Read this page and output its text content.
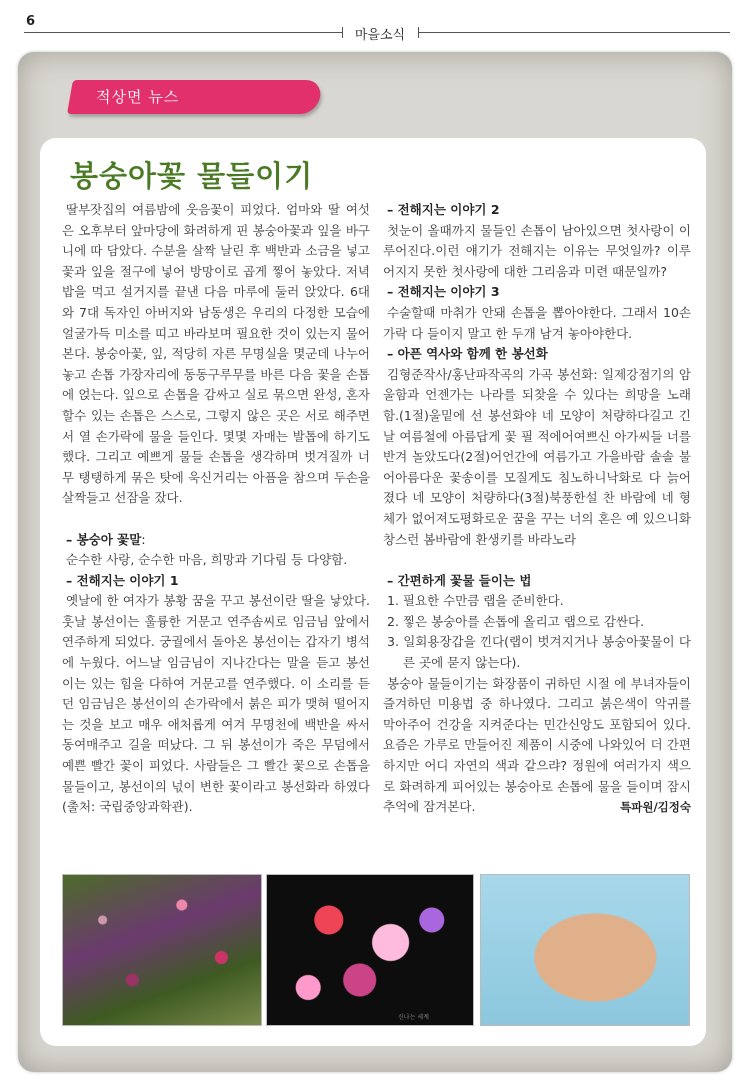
6
마을소식
적상면 뉴스
봉숭아꽃 물들이기

딸부잣집의 여름밤에 웃음꽃이 피었다. 엄마와 딸 여섯은 오후부터 앞마당에 화려하게 핀 봉숭아꽃과 잎을 바구니에 따 담았다. 수분을 살짝 날린 후 백반과 소금을 넣고 꽃과 잎을 절구에 넣어 방망이로 곱게 찧어 놓았다. 저녁밥을 먹고 설거지를 끝낸 다음 마루에 둘러 앉았다. 6대와 7대 독자인 아버지와 남동생은 우리의 다정한 모습에 얼굴가득 미소를 띠고 바라보며 필요한 것이 있는지 물어본다. 봉숭아꽃, 잎, 적당히 자른 무명실을 몇군데 나누어놓고 손톱 가장자리에 동동구루무를 바른 다음 꽃을 손톱에 얹는다. 잎으로 손톱을 감싸고 실로 묶으면 완성, 혼자할수 있는 손톱은 스스로, 그렇지 않은 곳은 서로 해주면서 열 손가락에 물을 들인다. 몇몇 자매는 발톱에 하기도 했다. 그리고 예쁘게 물들 손톱을 생각하며 벗겨질까 너무 탱탱하게 묶은 탓에 욱신거리는 아픔을 참으며 두손을 살짝들고 선잠을 잤다.

– 봉숭아 꽃말:

순수한 사랑, 순수한 마음, 희망과 기다림 등 다양함.

– 전해지는 이야기 1

옛날에 한 여자가 봉황 꿈을 꾸고 봉선이란 딸을 낳았다. 훗날 봉선이는 훌륭한 거문고 연주솜씨로 임금님 앞에서 연주하게 되었다. 궁궐에서 돌아온 봉선이는 갑자기 병석에 누웠다. 어느날 임금님이 지나간다는 말을 듣고 봉선이는 있는 힘을 다하여 거문고를 연주했다. 이 소리를 듣던 임금님은 봉선이의 손가락에서 붉은 피가 맺혀 떨어지는 것을 보고 매우 애처롭게 여겨 무명천에 백반을 싸서 동여매주고 길을 떠났다. 그 뒤 봉선이가 죽은 무덤에서 예쁜 빨간 꽃이 피었다. 사람들은 그 빨간 꽃으로 손톱을 물들이고, 봉선이의 넋이 변한 꽃이라고 봉선화라 하였다(출처: 국립중앙과학관).

– 전해지는 이야기 2

첫눈이 올때까지 물들인 손톱이 남아있으면 첫사랑이 이루어진다.이런 얘기가 전해지는 이유는 무엇일까? 이루어지지 못한 첫사랑에 대한 그리움과 미련 때문일까?

– 전해지는 이야기 3

수술할때 마취가 안돼 손톱을 뽑아야한다. 그래서 10손가락 다 들이지 말고 한 두개 남겨 놓아야한다.

– 아픈 역사와 함께 한 봉선화

김형준작사/홍난파작곡의 가곡 봉선화: 일제강점기의 암울함과 언젠가는 나라를 되찾을 수 있다는 희망을 노래함.(1절)울밑에 선 봉선화야 네 모양이 처량하다길고 긴 날 여름철에 아름답게 꽃 필 적에어여쁘신 아가씨들 너를 반겨 놀았도다(2절)어언간에 여름가고 가을바람 솔솔 불어아름다운 꽃송이를 모질게도 침노하니낙화로 다 늙어졌다 네 모양이 처량하다(3절)북풍한설 찬 바람에 네 형체가 없어져도평화로운 꿈을 꾸는 너의 혼은 예 있으니화창스런 봄바람에 환생키를 바라노라

– 간편하게 꽃물 들이는 법

1. 필요한 수만큼 랩을 준비한다.

2. 찧은 봉숭아를 손톱에 올리고 랩으로 감싼다.

3. 일회용장갑을 낀다(랩이 벗겨지거나 봉숭아꽃물이 다른 곳에 묻지 않는다).

봉숭아 물들이기는 화장품이 귀하던 시절 에 부녀자들이 즐겨하던 미용법 중 하나였다. 그리고 붉은색이 악귀를 막아주어 건강을 지켜준다는 민간신앙도 포함되어 있다. 요즘은 가루로 만들어진 제품이 시중에 나와있어 더 간편하지만 어디 자연의 색과 같으랴? 정원에 여러가지 색으로 화려하게 피어있는 봉숭아로 손톱에 물을 들이며 잠시 추억에 잠겨본다.	특파원/김정숙

신나는 세계
